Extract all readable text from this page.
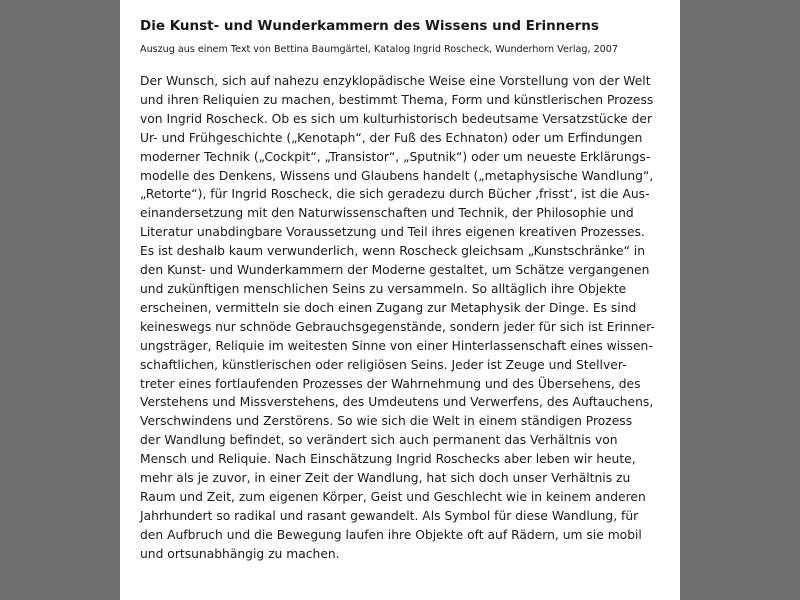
Die Kunst- und Wunderkammern des Wissens und Erinnerns

Auszug aus einem Text von Bettina Baumgärtel, Katalog Ingrid Roscheck, Wunderhorn Verlag, 2007

Der Wunsch, sich auf nahezu enzyklopädische Weise eine Vorstellung von der Welt
und ihren Reliquien zu machen, bestimmt Thema, Form und künstlerischen Prozess
von Ingrid Roscheck. Ob es sich um kulturhistorisch bedeutsame Versatzstücke der
Ur- und Frühgeschichte („Kenotaph“, der Fuß des Echnaton) oder um Erfindungen
moderner Technik („Cockpit“, „Transistor“, „Sputnik“) oder um neueste Erklärungs-
modelle des Denkens, Wissens und Glaubens handelt („metaphysische Wandlung“,
„Retorte“), für Ingrid Roscheck, die sich geradezu durch Bücher ‚frisst‘, ist die Aus-
einandersetzung mit den Naturwissenschaften und Technik, der Philosophie und
Literatur unabdingbare Voraussetzung und Teil ihres eigenen kreativen Prozesses.
Es ist deshalb kaum verwunderlich, wenn Roscheck gleichsam „Kunstschränke“ in
den Kunst- und Wunderkammern der Moderne gestaltet, um Schätze vergangenen
und zukünftigen menschlichen Seins zu versammeln. So alltäglich ihre Objekte
erscheinen, vermitteln sie doch einen Zugang zur Metaphysik der Dinge. Es sind
keineswegs nur schnöde Gebrauchsgegenstände, sondern jeder für sich ist Erinner-
ungsträger, Reliquie im weitesten Sinne von einer Hinterlassenschaft eines wissen-
schaftlichen, künstlerischen oder religiösen Seins. Jeder ist Zeuge und Stellver-
treter eines fortlaufenden Prozesses der Wahrnehmung und des Übersehens, des
Verstehens und Missverstehens, des Umdeutens und Verwerfens, des Auftauchens,
Verschwindens und Zerstörens. So wie sich die Welt in einem ständigen Prozess
der Wandlung befindet, so verändert sich auch permanent das Verhältnis von
Mensch und Reliquie. Nach Einschätzung Ingrid Roschecks aber leben wir heute,
mehr als je zuvor, in einer Zeit der Wandlung, hat sich doch unser Verhältnis zu
Raum und Zeit, zum eigenen Körper, Geist und Geschlecht wie in keinem anderen
Jahrhundert so radikal und rasant gewandelt. Als Symbol für diese Wandlung, für
den Aufbruch und die Bewegung laufen ihre Objekte oft auf Rädern, um sie mobil
und ortsunabhängig zu machen.
